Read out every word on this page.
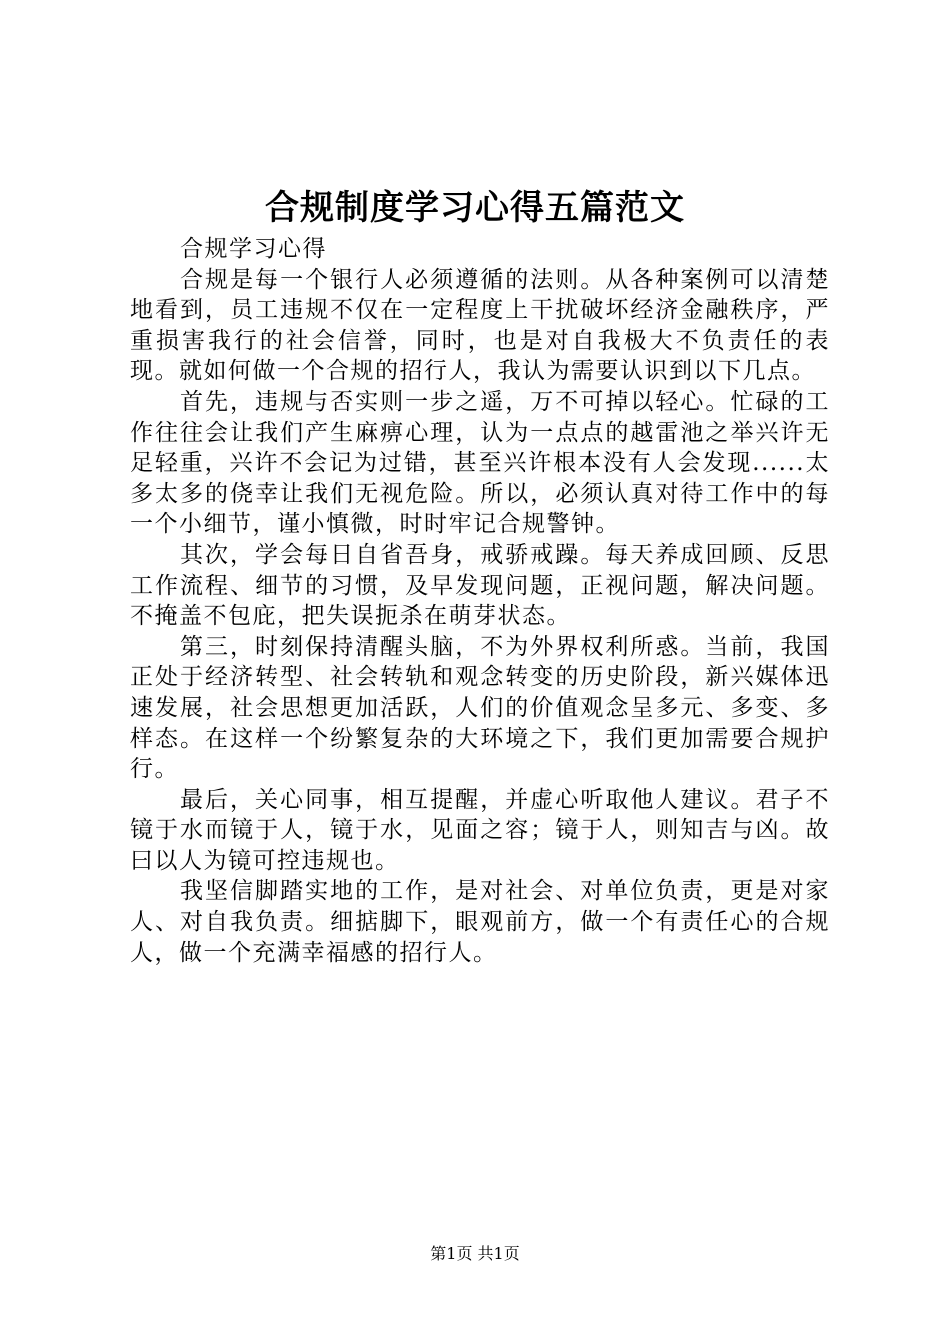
合规制度学习心得五篇范文

合规学习心得

合规是每一个银行人必须遵循的法则。从各种案例可以清楚地看到，员工违规不仅在一定程度上干扰破坏经济金融秩序，严重损害我行的社会信誉，同时，也是对自我极大不负责任的表现。就如何做一个合规的招行人，我认为需要认识到以下几点。

首先，违规与否实则一步之遥，万不可掉以轻心。忙碌的工作往往会让我们产生麻痹心理，认为一点点的越雷池之举兴许无足轻重，兴许不会记为过错，甚至兴许根本没有人会发现......太多太多的侥幸让我们无视危险。所以，必须认真对待工作中的每一个小细节，谨小慎微，时时牢记合规警钟。

其次，学会每日自省吾身，戒骄戒躁。每天养成回顾、反思工作流程、细节的习惯，及早发现问题，正视问题，解决问题。不掩盖不包庇，把失误扼杀在萌芽状态。

第三，时刻保持清醒头脑，不为外界权利所惑。当前，我国正处于经济转型、社会转轨和观念转变的历史阶段，新兴媒体迅速发展，社会思想更加活跃，人们的价值观念呈多元、多变、多样态。在这样一个纷繁复杂的大环境之下，我们更加需要合规护行。

最后，关心同事，相互提醒，并虚心听取他人建议。君子不镜于水而镜于人，镜于水，见面之容；镜于人，则知吉与凶。故曰以人为镜可控违规也。

我坚信脚踏实地的工作，是对社会、对单位负责，更是对家人、对自我负责。细掂脚下，眼观前方，做一个有责任心的合规人，做一个充满幸福感的招行人。

第1页 共1页
